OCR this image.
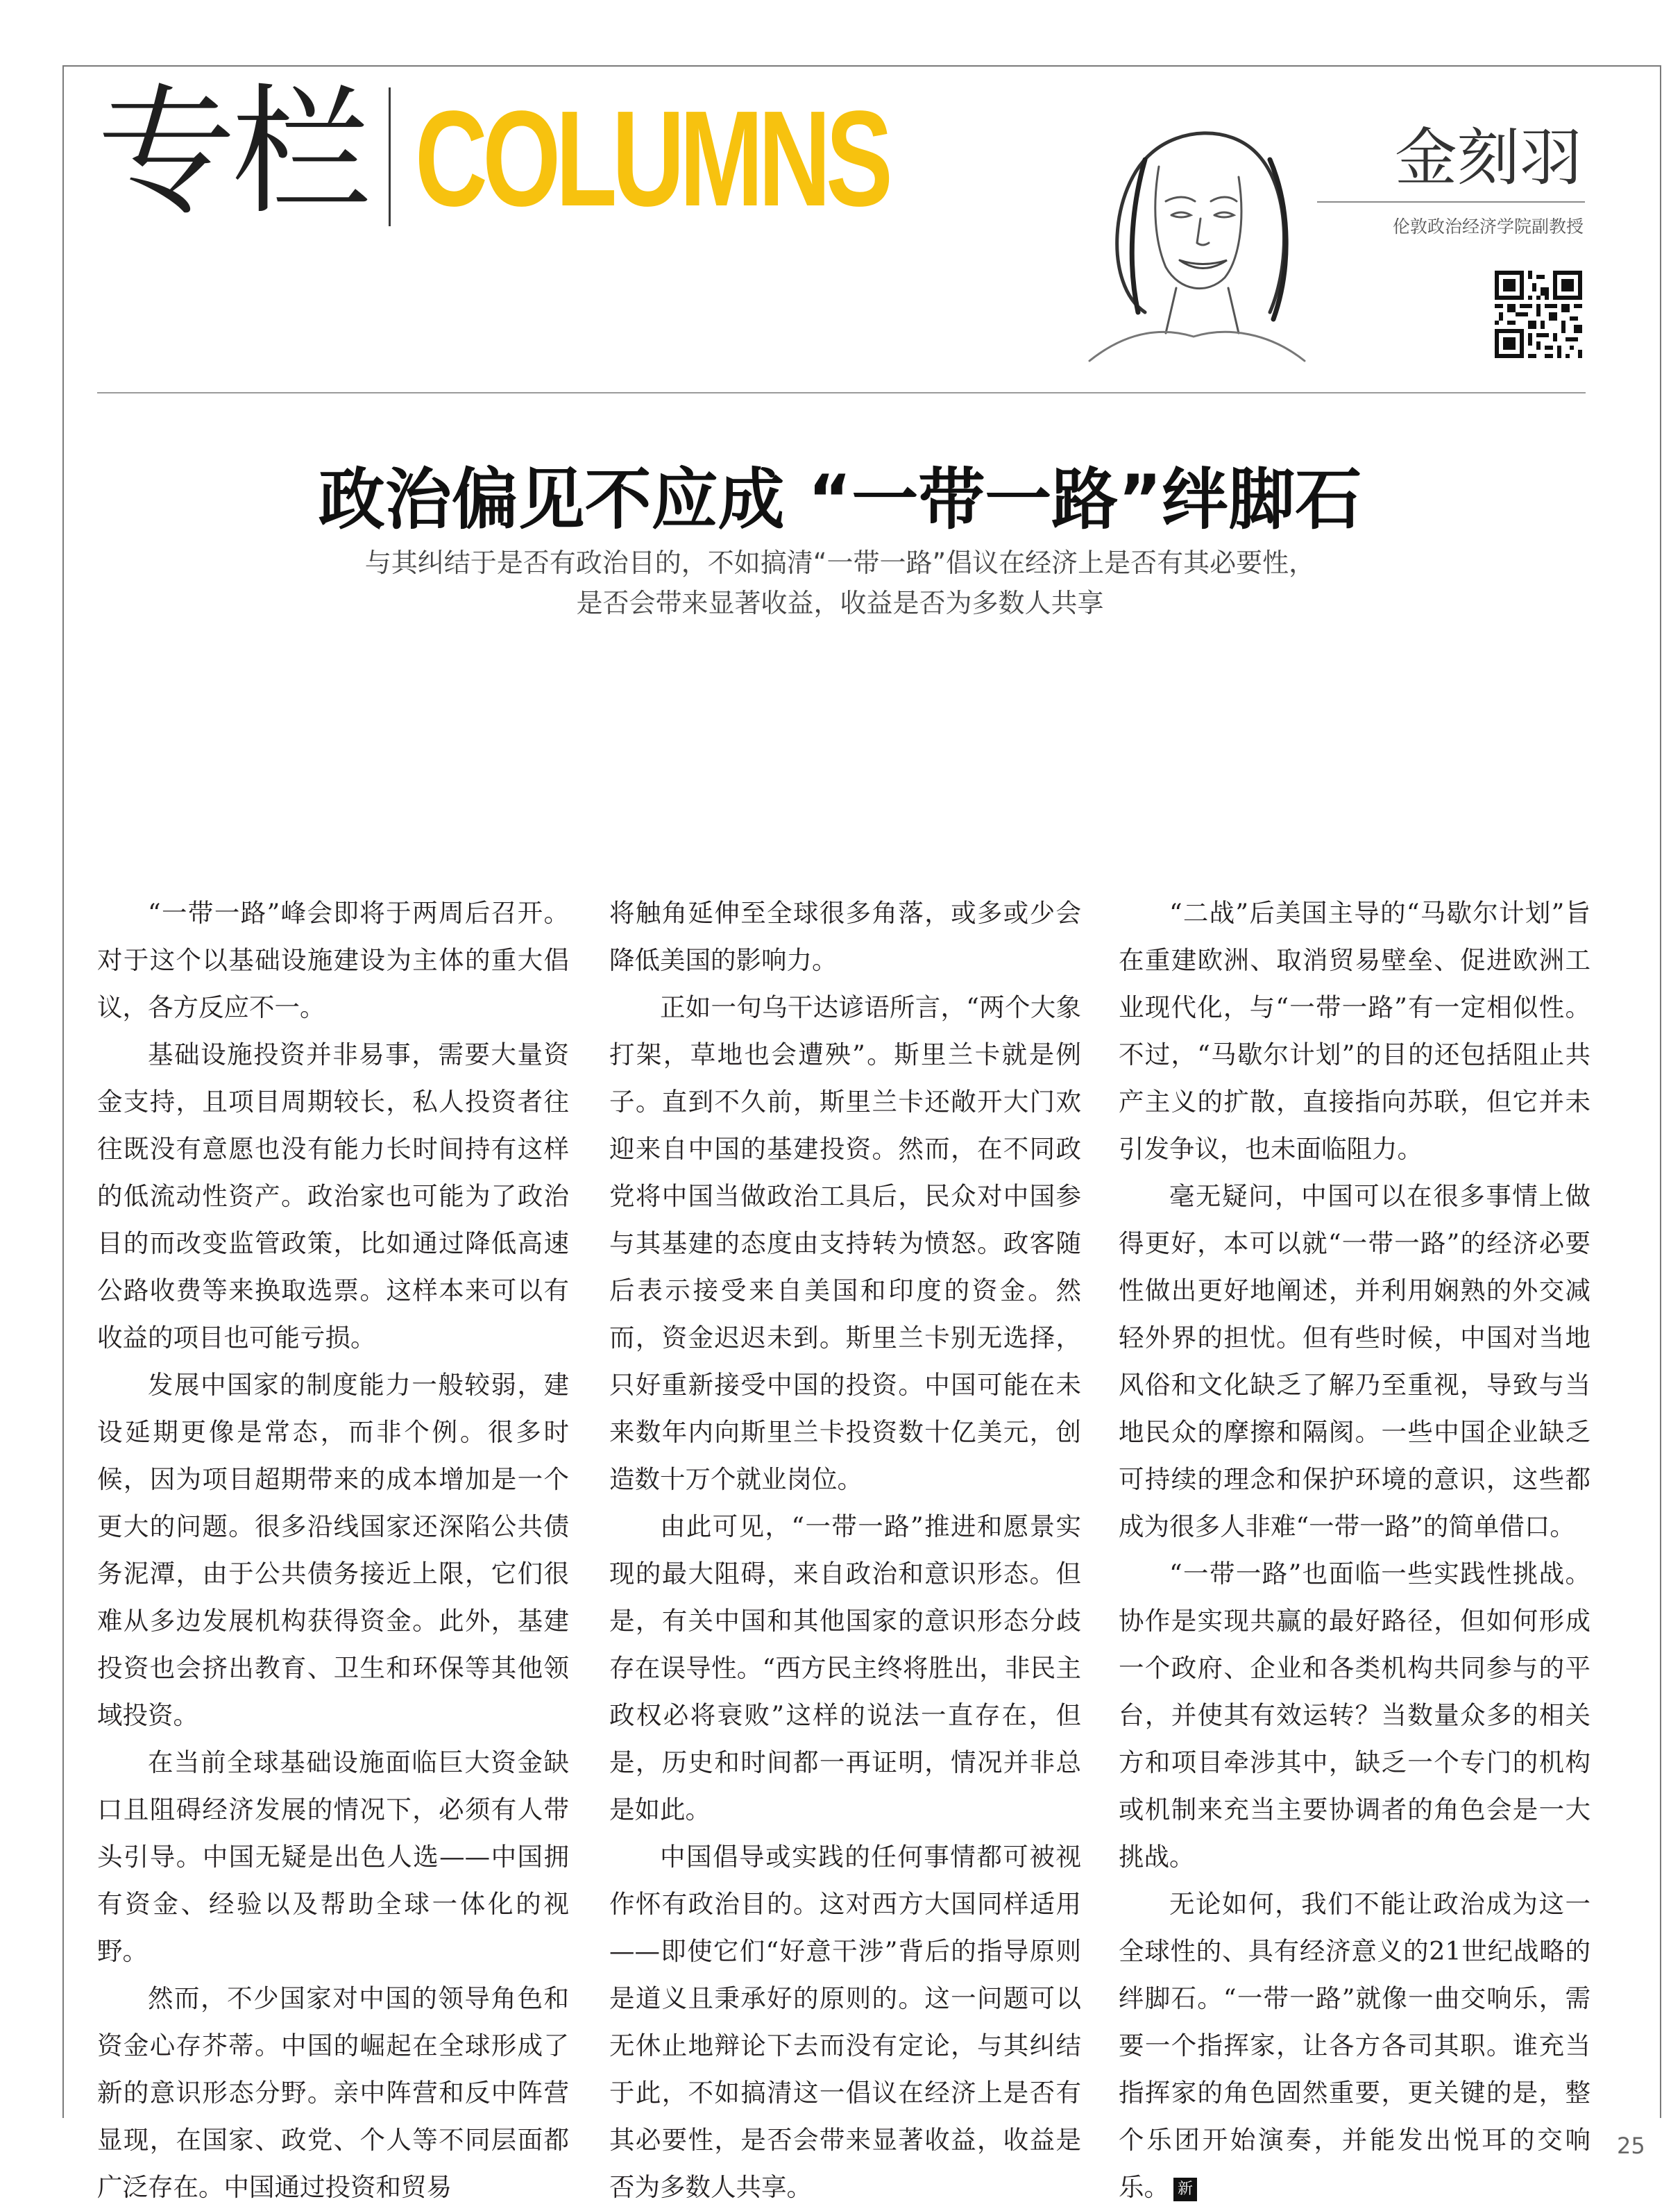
专栏 COLUMNS	金刻羽
伦敦政治经济学院副教授
政治偏见不应成 “一带一路”绊脚石
与其纠结于是否有政治目的，不如搞清“一带一路”倡议在经济上是否有其必要性，
是否会带来显著收益，收益是否为多数人共享

“一带一路”峰会即将于两周后召开。对于这个以基础设施建设为主体的重大倡议，各方反应不一。

基础设施投资并非易事，需要大量资金支持，且项目周期较长，私人投资者往往既没有意愿也没有能力长时间持有这样的低流动性资产。政治家也可能为了政治目的而改变监管政策，比如通过降低高速公路收费等来换取选票。这样本来可以有收益的项目也可能亏损。

发展中国家的制度能力一般较弱，建设延期更像是常态，而非个例。很多时候，因为项目超期带来的成本增加是一个更大的问题。很多沿线国家还深陷公共债务泥潭，由于公共债务接近上限，它们很难从多边发展机构获得资金。此外，基建投资也会挤出教育、卫生和环保等其他领域投资。

在当前全球基础设施面临巨大资金缺口且阻碍经济发展的情况下，必须有人带头引导。中国无疑是出色人选——中国拥有资金、经验以及帮助全球一体化的视野。

然而，不少国家对中国的领导角色和资金心存芥蒂。中国的崛起在全球形成了新的意识形态分野。亲中阵营和反中阵营显现，在国家、政党、个人等不同层面都广泛存在。中国通过投资和贸易

将触角延伸至全球很多角落，或多或少会降低美国的影响力。

正如一句乌干达谚语所言，“两个大象打架，草地也会遭殃”。斯里兰卡就是例子。直到不久前，斯里兰卡还敞开大门欢迎来自中国的基建投资。然而，在不同政党将中国当做政治工具后，民众对中国参与其基建的态度由支持转为愤怒。政客随后表示接受来自美国和印度的资金。然而，资金迟迟未到。斯里兰卡别无选择，只好重新接受中国的投资。中国可能在未来数年内向斯里兰卡投资数十亿美元，创造数十万个就业岗位。

由此可见，“一带一路”推进和愿景实现的最大阻碍，来自政治和意识形态。但是，有关中国和其他国家的意识形态分歧存在误导性。“西方民主终将胜出，非民主政权必将衰败”这样的说法一直存在，但是，历史和时间都一再证明，情况并非总是如此。

中国倡导或实践的任何事情都可被视作怀有政治目的。这对西方大国同样适用——即使它们“好意干涉”背后的指导原则是道义且秉承好的原则的。这一问题可以无休止地辩论下去而没有定论，与其纠结于此，不如搞清这一倡议在经济上是否有其必要性，是否会带来显著收益，收益是否为多数人共享。

“二战”后美国主导的“马歇尔计划”旨在重建欧洲、取消贸易壁垒、促进欧洲工业现代化，与“一带一路”有一定相似性。不过，“马歇尔计划”的目的还包括阻止共产主义的扩散，直接指向苏联，但它并未引发争议，也未面临阻力。

毫无疑问，中国可以在很多事情上做得更好，本可以就“一带一路”的经济必要性做出更好地阐述，并利用娴熟的外交减轻外界的担忧。但有些时候，中国对当地风俗和文化缺乏了解乃至重视，导致与当地民众的摩擦和隔阂。一些中国企业缺乏可持续的理念和保护环境的意识，这些都成为很多人非难“一带一路”的简单借口。

“一带一路”也面临一些实践性挑战。协作是实现共赢的最好路径，但如何形成一个政府、企业和各类机构共同参与的平台，并使其有效运转？当数量众多的相关方和项目牵涉其中，缺乏一个专门的机构或机制来充当主要协调者的角色会是一大挑战。

无论如何，我们不能让政治成为这一全球性的、具有经济意义的21世纪战略的绊脚石。“一带一路”就像一曲交响乐，需要一个指挥家，让各方各司其职。谁充当指挥家的角色固然重要，更关键的是，整个乐团开始演奏，并能发出悦耳的交响乐。 新

25
